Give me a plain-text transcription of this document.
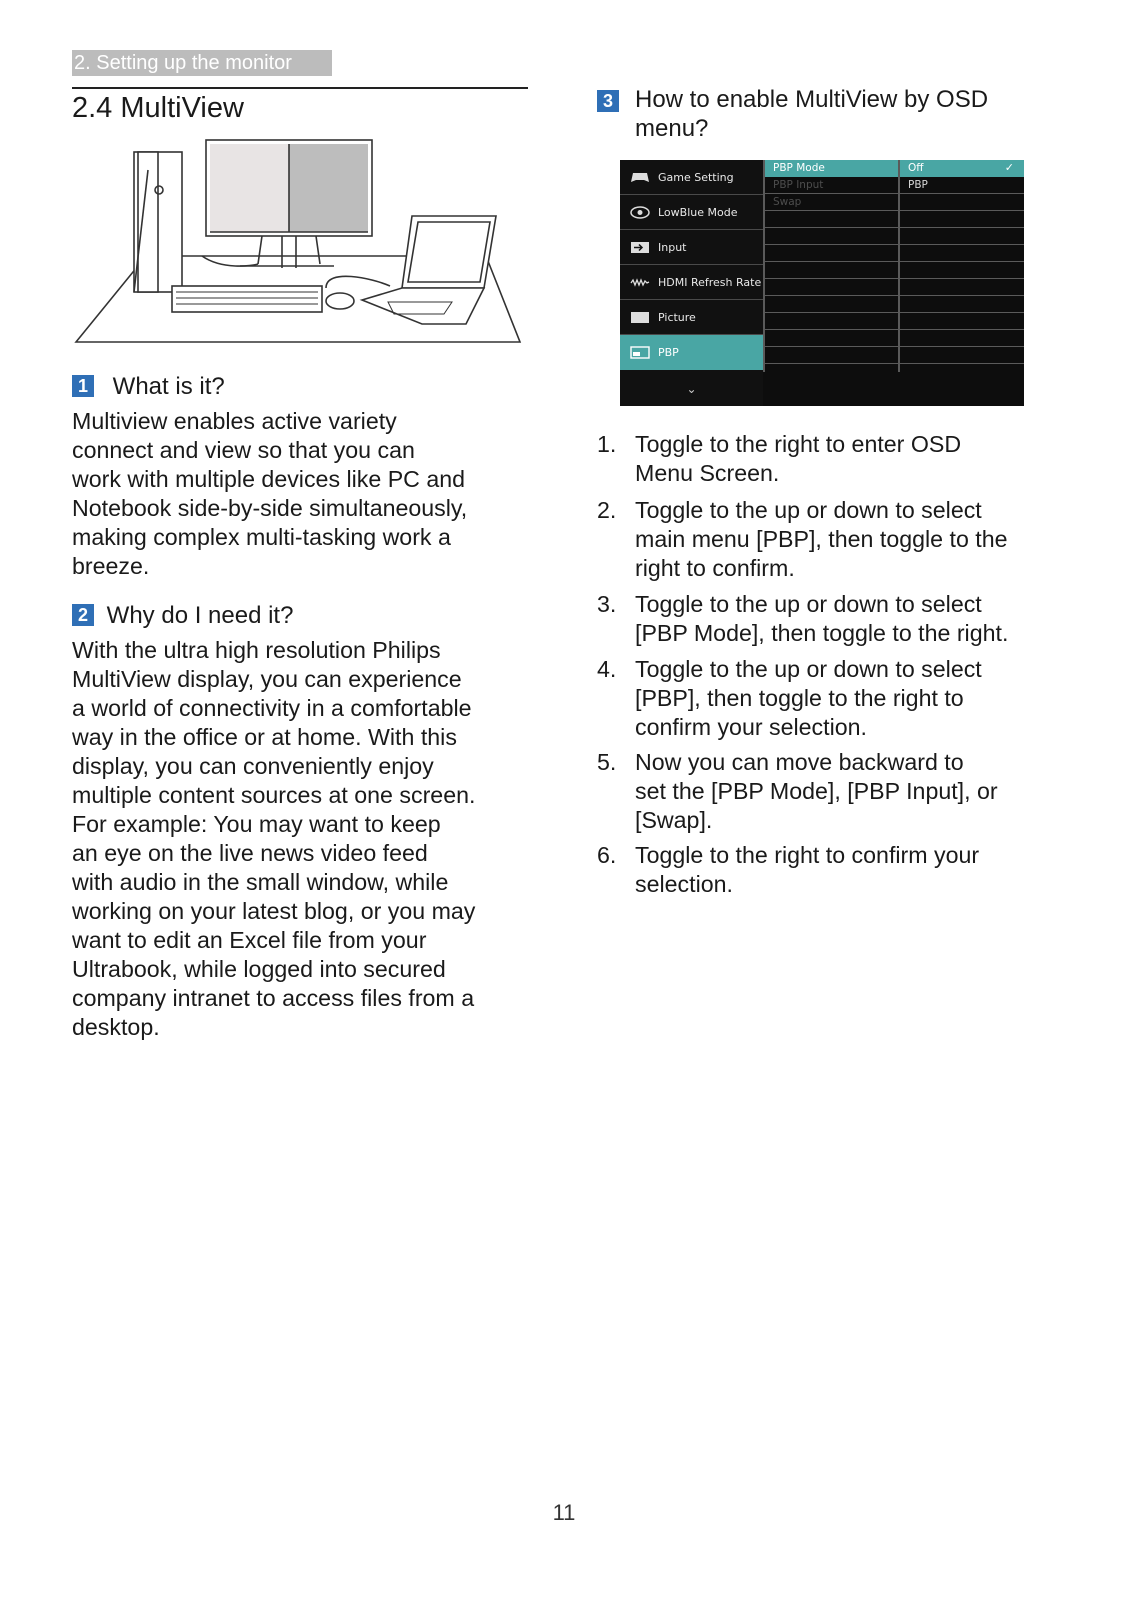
2. Setting up the monitor
2.4 MultiView
1 What is it?
Multiview enables active variety
connect and view so that you can
work with multiple devices like PC and
Notebook side-by-side simultaneously,
making complex multi-tasking work a
breeze.
2 Why do I need it?
With the ultra high resolution Philips
MultiView display, you can experience
a world of connectivity in a comfortable
way in the office or at home. With this
display, you can conveniently enjoy
multiple content sources at one screen.
For example: You may want to keep
an eye on the live news video feed
with audio in the small window, while
working on your latest blog, or you may
want to edit an Excel file from your
Ultrabook, while logged into secured
company intranet to access files from a
desktop.
3 How to enable MultiView by OSD
menu?
Game Setting
LowBlue Mode
Input
HDMI Refresh Rate
Picture
PBP
⌄
PBP Mode
PBP Input
Swap
Off	✓
PBP
1. Toggle to the right to enter OSD
Menu Screen.
2. Toggle to the up or down to select
main menu [PBP], then toggle to the
right to confirm.
3. Toggle to the up or down to select
[PBP Mode], then toggle to the right.
4. Toggle to the up or down to select
[PBP], then toggle to the right to
confirm your selection.
5. Now you can move backward to
set the [PBP Mode], [PBP Input], or
[Swap].
6. Toggle to the right to confirm your
selection.
11
